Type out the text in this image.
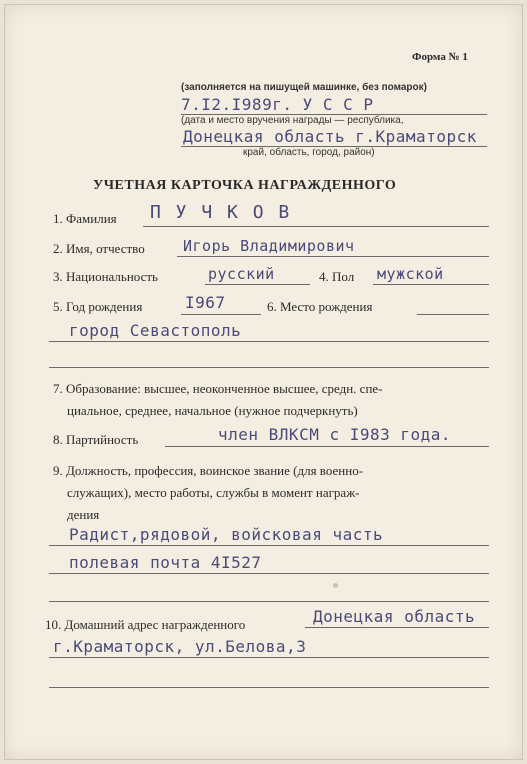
Форма № 1
(заполняется на пишущей машинке, без помарок)
7.I2.I989г. У С С Р
(дата и место вручения награды — республика,
Донецкая область г.Краматорск
край, область, город, район)
УЧЕТНАЯ КАРТОЧКА НАГРАЖДЕННОГО
1. Фамилия П У Ч К О В
2. Имя, отчество	Игорь Владимирович
3. Национальность	русский	4. Пол мужской
5. Год рождения	I967	6. Место рождения
город Севастополь
7. Образование: высшее, неоконченное высшее, средн. спе-
циальное, среднее, начальное (нужное подчеркнуть)
8. Партийность	член ВЛКСМ с I983 года.
9. Должность, профессия, воинское звание (для военно-
служащих), место работы, службы в момент награж-
дения
Радист,рядовой, войсковая часть
полевая почта 4I527
10. Домашний адрес награжденного	Донецкая область
г.Краматорск, ул.Белова,3
